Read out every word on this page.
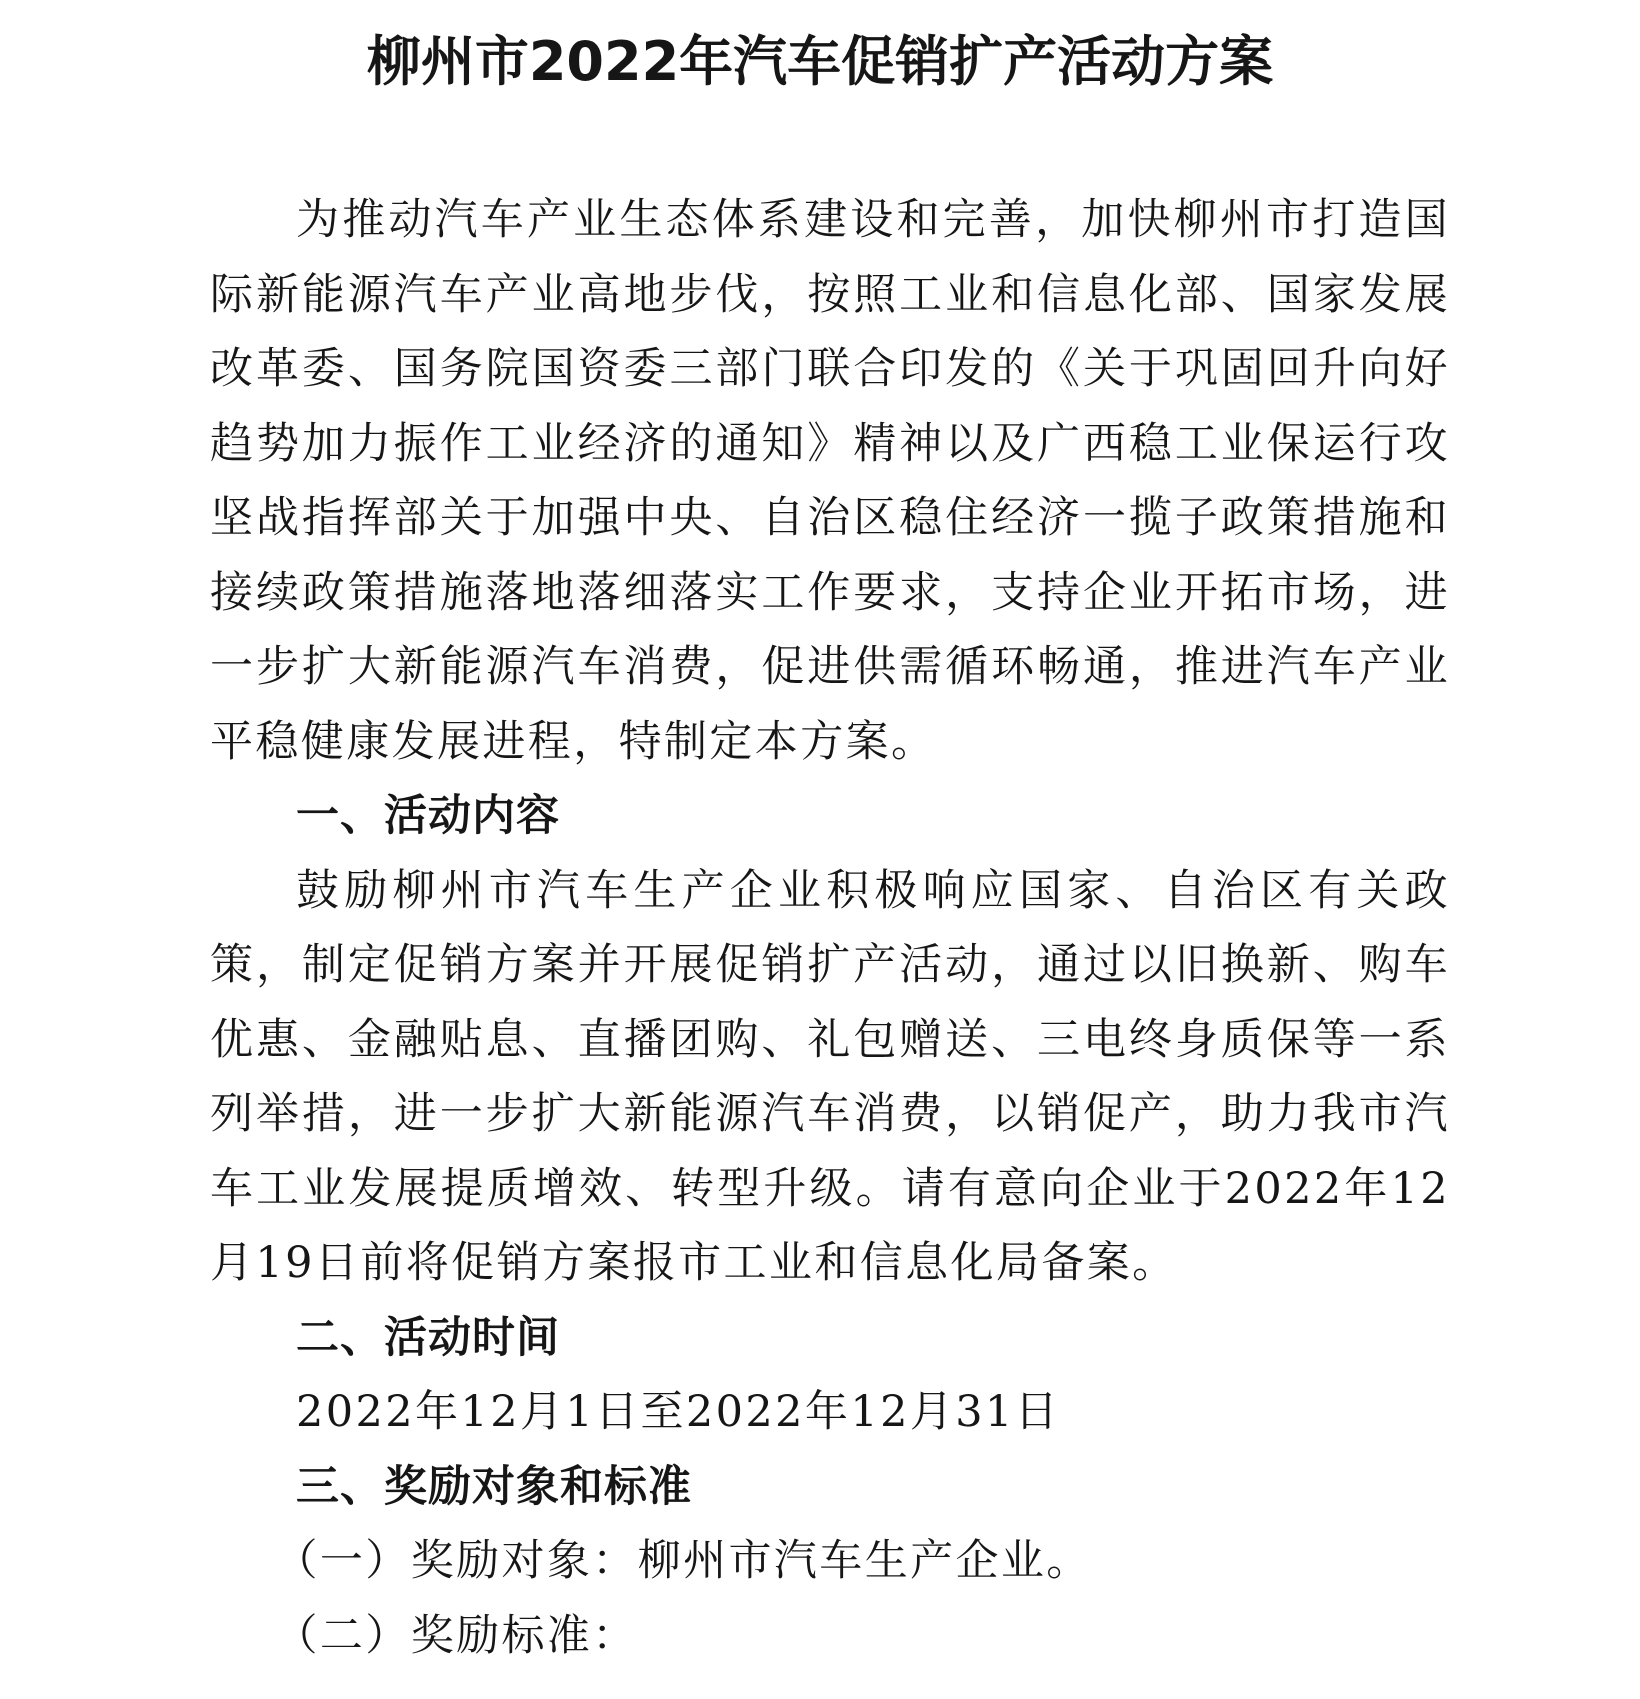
柳州市2022年汽车促销扩产活动方案

为推动汽车产业生态体系建设和完善，加快柳州市打造国际新能源汽车产业高地步伐，按照工业和信息化部、国家发展改革委、国务院国资委三部门联合印发的《关于巩固回升向好趋势加力振作工业经济的通知》精神以及广西稳工业保运行攻坚战指挥部关于加强中央、自治区稳住经济一揽子政策措施和接续政策措施落地落细落实工作要求，支持企业开拓市场，进一步扩大新能源汽车消费，促进供需循环畅通，推进汽车产业平稳健康发展进程，特制定本方案。

一、活动内容

鼓励柳州市汽车生产企业积极响应国家、自治区有关政策，制定促销方案并开展促销扩产活动，通过以旧换新、购车优惠、金融贴息、直播团购、礼包赠送、三电终身质保等一系列举措，进一步扩大新能源汽车消费，以销促产，助力我市汽车工业发展提质增效、转型升级。请有意向企业于2022年12月19日前将促销方案报市工业和信息化局备案。

二、活动时间

2022年12月1日至2022年12月31日

三、奖励对象和标准

（一）奖励对象：柳州市汽车生产企业。

（二）奖励标准：
